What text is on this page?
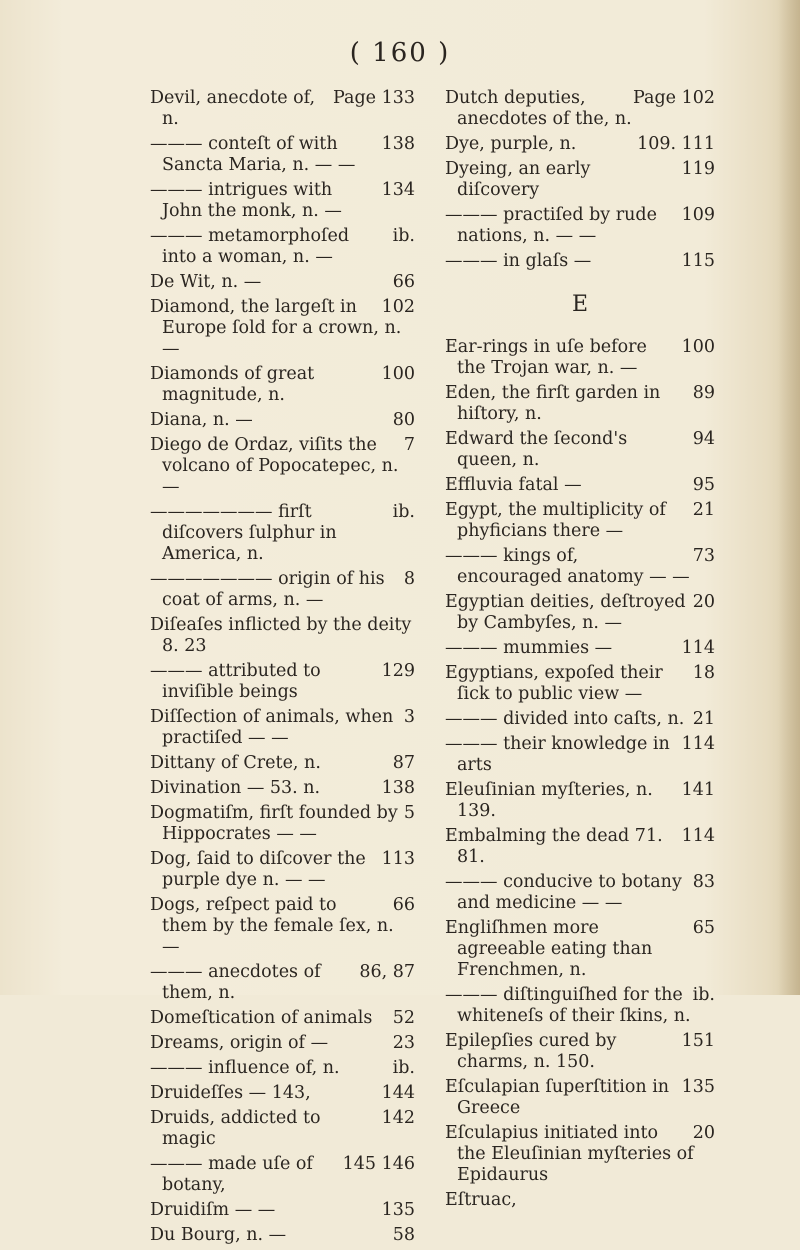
( 160 )
Page 133
Devil, anecdote of, n.
138
——— conteſt of with Sancta Maria, n. — —
134
——— intrigues with John the monk, n. —
ib.
——— metamorphoſed into a woman, n. —
66
De Wit, n. —
102
Diamond, the largeſt in Europe ſold for a crown, n. —
100
Diamonds of great magnitude, n.
80
Diana, n. —
7
Diego de Ordaz, viſits the volcano of Popocatepec, n. —
ib.
——————— firſt diſcovers ſulphur in America, n.
8
——————— origin of his coat of arms, n. —
Diſeaſes inflicted by the deity 8. 23
129
——— attributed to inviſible beings
3
Diſſection of animals, when practiſed — —
87
Dittany of Crete, n.
138
Divination — 53. n.
5
Dogmatiſm, firſt founded by Hippocrates — —
113
Dog, ſaid to diſcover the purple dye n. — —
66
Dogs, reſpect paid to them by the female ſex, n. —
86, 87
——— anecdotes of them, n.
52
Domeſtication of animals
23
Dreams, origin of —
ib.
——— influence of, n.
144
Druideſſes — 143,
142
Druids, addicted to magic
145 146
——— made uſe of botany,
135
Druidiſm — —
58
Du Bourg, n. —
Page 102
Dutch deputies, anecdotes of the, n.
109. 111
Dye, purple, n.
119
Dyeing, an early diſcovery
109
——— practiſed by rude nations, n. — —
115
——— in glaſs —
E
100
Ear-rings in uſe before the Trojan war, n. —
89
Eden, the firſt garden in hiſtory, n.
94
Edward the ſecond's queen, n.
95
Effluvia fatal —
21
Egypt, the multiplicity of phyficians there —
73
——— kings of, encouraged anatomy — —
20
Egyptian deities, deſtroyed by Cambyſes, n. —
114
——— mummies —
18
Egyptians, expoſed their ſick to public view —
21
——— divided into caſts, n.
114
——— their knowledge in arts
141
Eleuſinian myſteries, n. 139.
114
Embalming the dead 71. 81.
83
——— conducive to botany and medicine — —
65
Engliſhmen more agreeable eating than Frenchmen, n.
ib.
——— diſtinguiſhed for the whiteneſs of their ſkins, n.
151
Epilepſies cured by charms, n. 150.
135
Eſculapian ſuperſtition in Greece
20
Eſculapius initiated into the Eleuſinian myſteries of Epidaurus
Eſtruac,
